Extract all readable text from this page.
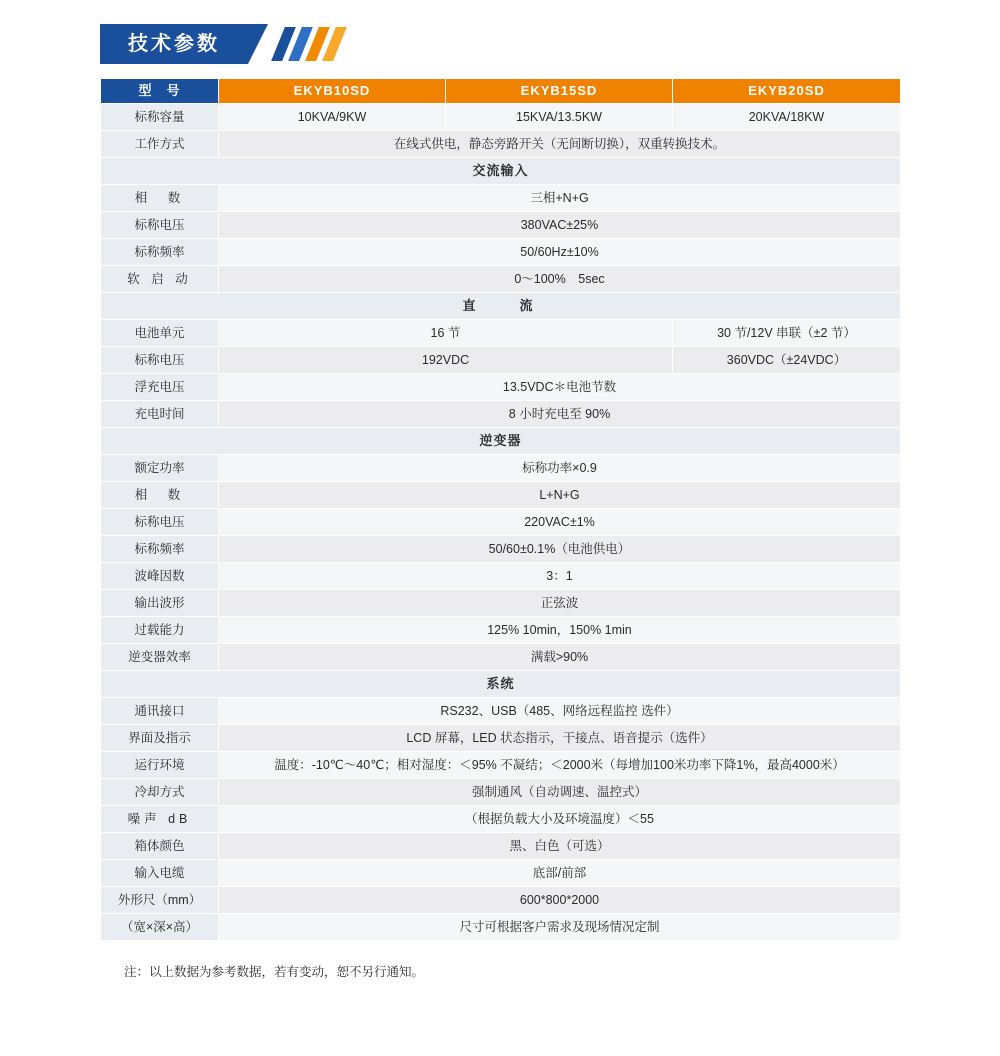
技术参数
型　号	EKYB10SD	EKYB15SD	EKYB20SD
标称容量	10KVA/9KW	15KVA/13.5KW	20KVA/18KW
工作方式	在线式供电，静态旁路开关（无间断切换），双重转换技术。		
交流输入			
相　数	三相+N+G		
标称电压	380VAC±25%		
标称频率	50/60Hz±10%		
软 启 动	0～100%　5sec		
直　　流			
电池单元	16 节		30 节/12V 串联（±2 节）
标称电压	192VDC		360VDC（±24VDC）
浮充电压	13.5VDC＊电池节数		
充电时间	8 小时充电至 90%		
逆变器			
额定功率	标称功率×0.9		
相　数	L+N+G		
标称电压	220VAC±1%		
标称频率	50/60±0.1%（电池供电）		
波峰因数	3：1		
输出波形	正弦波		
过载能力	125% 10min，150% 1min		
逆变器效率	满载>90%		
系统			
通讯接口	RS232、USB（485、网络远程监控 选件）		
界面及指示	LCD 屏幕，LED 状态指示，干接点、语音提示（选件）		
运行环境	温度：-10℃～40℃；相对湿度：＜95% 不凝结；＜2000米（每增加100米功率下降1%，最高4000米）		
冷却方式	强制通风（自动调速、温控式）		
噪声 dB	（根据负载大小及环境温度）＜55		
箱体颜色	黑、白色（可选）		
输入电缆	底部/前部		
外形尺（mm）	600*800*2000		
（宽×深×高）	尺寸可根据客户需求及现场情况定制		
注：以上数据为参考数据，若有变动，恕不另行通知。
